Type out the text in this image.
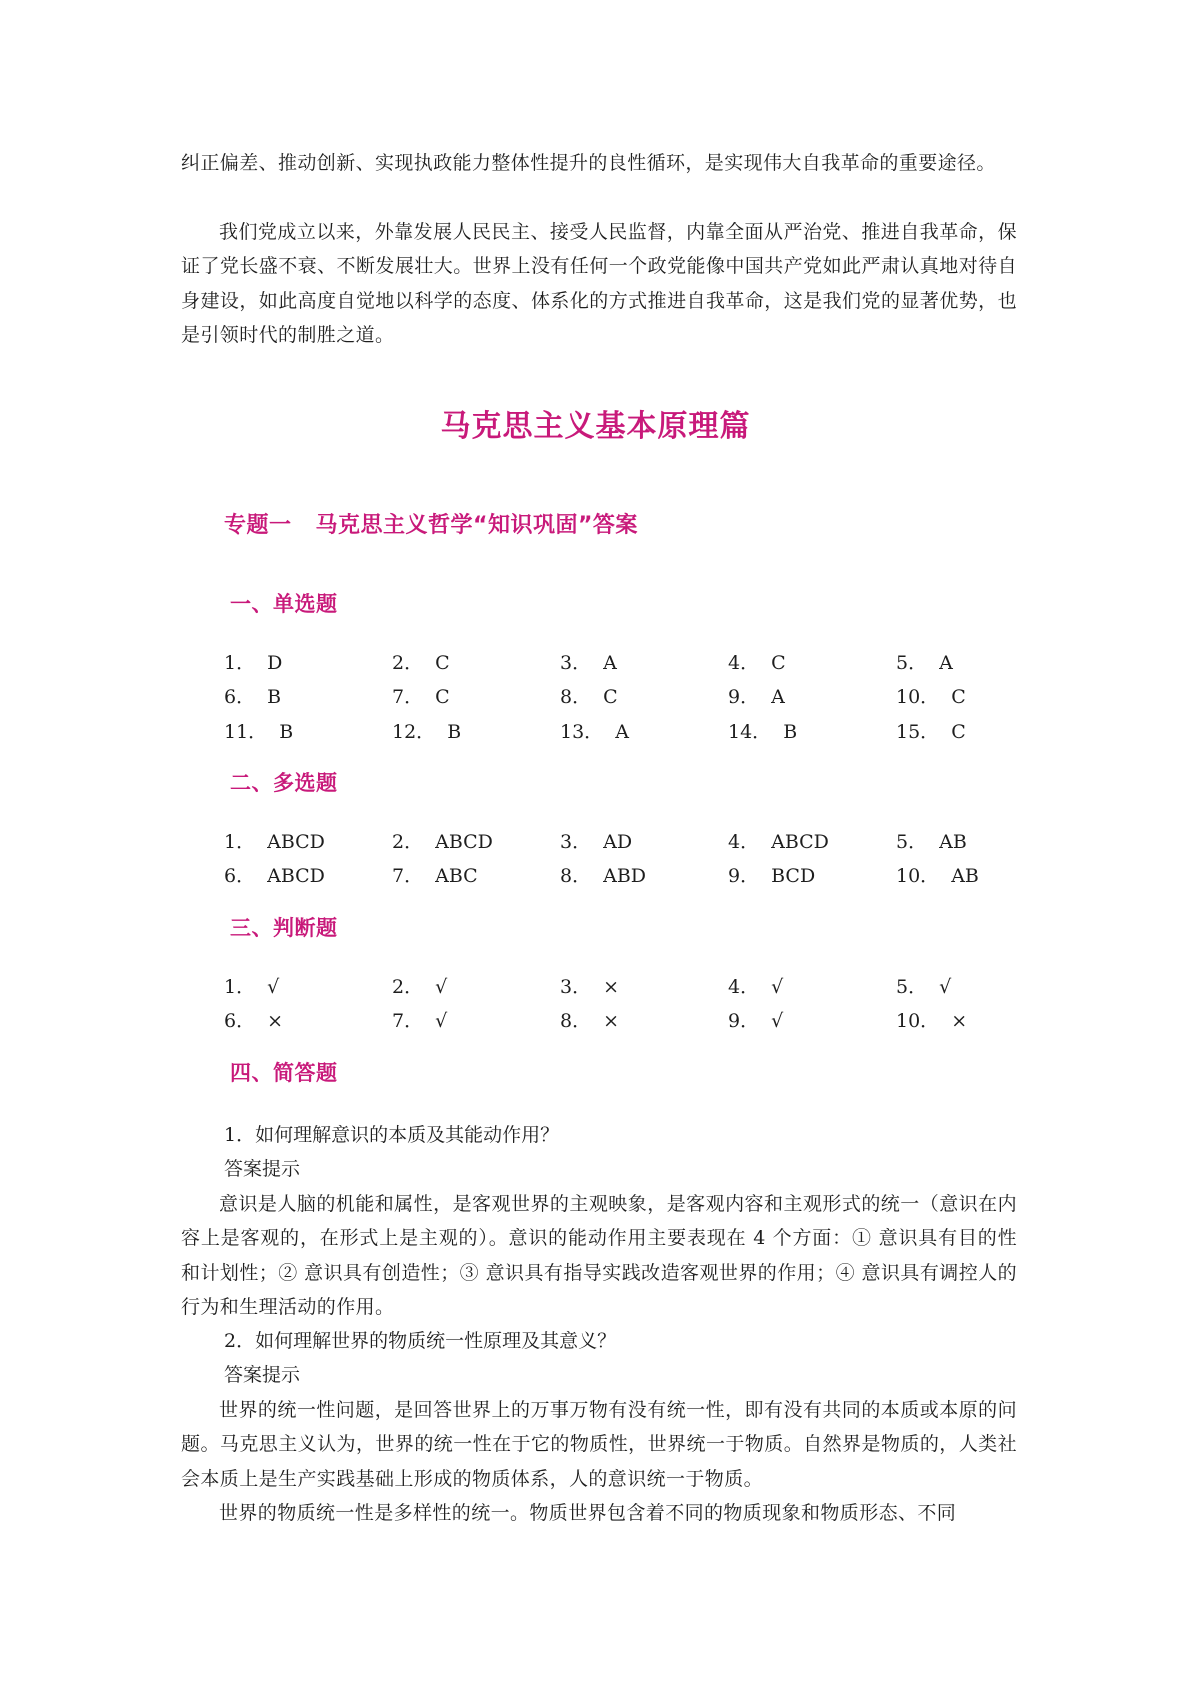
纠正偏差、推动创新、实现执政能力整体性提升的良性循环，是实现伟大自我革命的重要途径。

我们党成立以来，外靠发展人民民主、接受人民监督，内靠全面从严治党、推进自我革命，保证了党长盛不衰、不断发展壮大。世界上没有任何一个政党能像中国共产党如此严肃认真地对待自身建设，如此高度自觉地以科学的态度、体系化的方式推进自我革命，这是我们党的显著优势，也是引领时代的制胜之道。

马克思主义基本原理篇
专题一 马克思主义哲学“知识巩固”答案
一、单选题
1． D	2． C	3． A	4． C	5． A
6． B	7． C	8． C	9． A	10． C
11． B	12． B	13． A	14． B	15． C
二、多选题
1． ABCD	2． ABCD	3． AD	4． ABCD	5． AB
6． ABCD	7． ABC	8． ABD	9． BCD	10． AB
三、判断题
1． √	2． √	3． ×	4． √	5． √
6． ×	7． √	8． ×	9． √	10． ×
四、简答题

1．如何理解意识的本质及其能动作用？

答案提示

意识是人脑的机能和属性，是客观世界的主观映象，是客观内容和主观形式的统一（意识在内容上是客观的，在形式上是主观的）。意识的能动作用主要表现在 4 个方面：① 意识具有目的性和计划性；② 意识具有创造性；③ 意识具有指导实践改造客观世界的作用；④ 意识具有调控人的行为和生理活动的作用。

2．如何理解世界的物质统一性原理及其意义？

答案提示

世界的统一性问题，是回答世界上的万事万物有没有统一性，即有没有共同的本质或本原的问题。马克思主义认为，世界的统一性在于它的物质性，世界统一于物质。自然界是物质的，人类社会本质上是生产实践基础上形成的物质体系，人的意识统一于物质。

世界的物质统一性是多样性的统一。物质世界包含着不同的物质现象和物质形态、不同
